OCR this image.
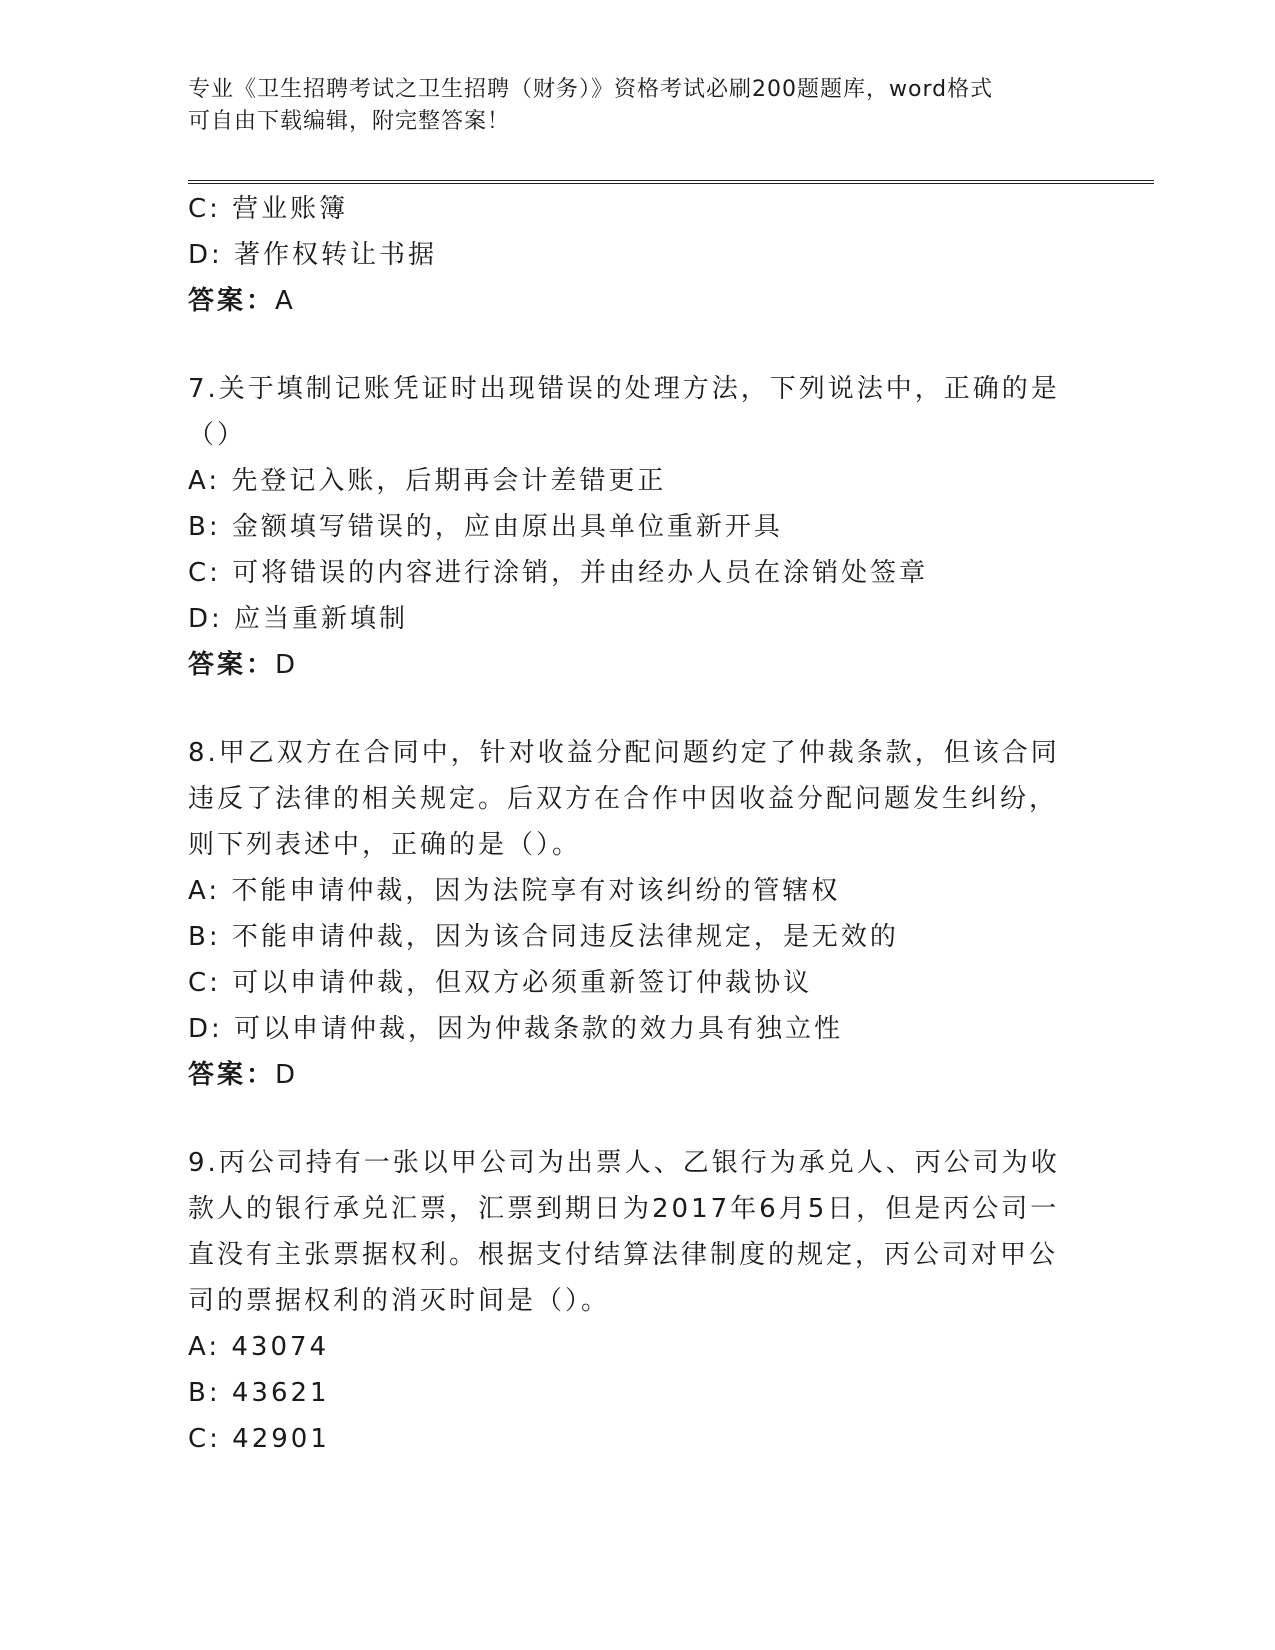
专业《卫生招聘考试之卫生招聘（财务）》资格考试必刷200题题库，word格式
可自由下载编辑，附完整答案！
C: 营业账簿
D: 著作权转让书据
答案：A
7.关于填制记账凭证时出现错误的处理方法，下列说法中，正确的是
（）
A: 先登记入账，后期再会计差错更正
B: 金额填写错误的，应由原出具单位重新开具
C: 可将错误的内容进行涂销，并由经办人员在涂销处签章
D: 应当重新填制
答案：D
8.甲乙双方在合同中，针对收益分配问题约定了仲裁条款，但该合同
违反了法律的相关规定。后双方在合作中因收益分配问题发生纠纷，
则下列表述中，正确的是（）。
A: 不能申请仲裁，因为法院享有对该纠纷的管辖权
B: 不能申请仲裁，因为该合同违反法律规定，是无效的
C: 可以申请仲裁，但双方必须重新签订仲裁协议
D: 可以申请仲裁，因为仲裁条款的效力具有独立性
答案：D
9.丙公司持有一张以甲公司为出票人、乙银行为承兑人、丙公司为收
款人的银行承兑汇票，汇票到期日为2017年6月5日，但是丙公司一
直没有主张票据权利。根据支付结算法律制度的规定，丙公司对甲公
司的票据权利的消灭时间是（）。
A: 43074
B: 43621
C: 42901
